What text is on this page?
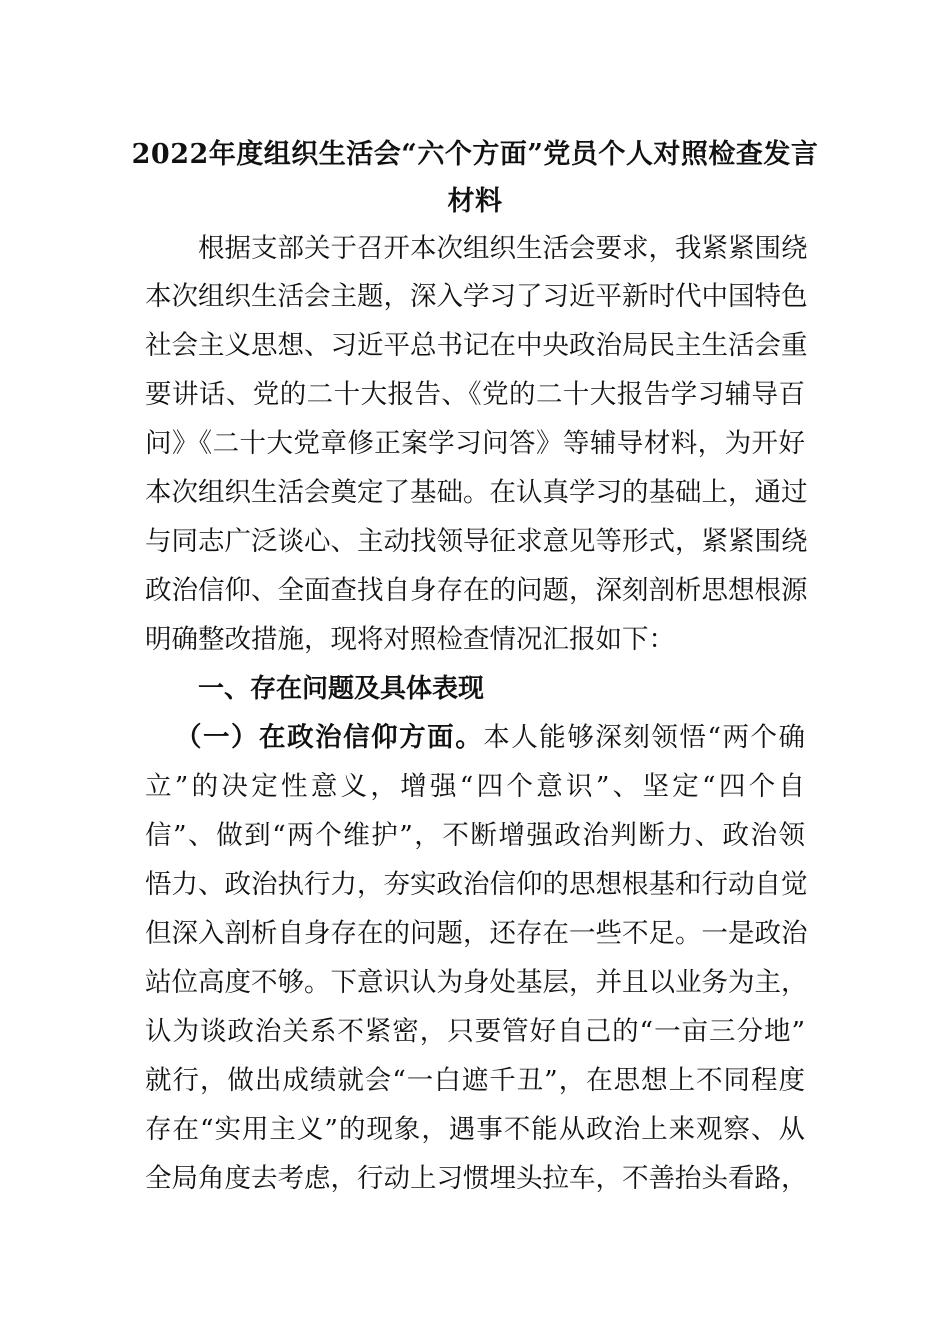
2022年度组织生活会“六个方面”党员个人对照检查发言
材料
根据支部关于召开本次组织生活会要求，我紧紧围绕
本次组织生活会主题，深入学习了习近平新时代中国特色
社会主义思想、习近平总书记在中央政治局民主生活会重
要讲话、党的二十大报告、《党的二十大报告学习辅导百
问》《二十大党章修正案学习问答》等辅导材料，为开好
本次组织生活会奠定了基础。在认真学习的基础上，通过
与同志广泛谈心、主动找领导征求意见等形式，紧紧围绕
政治信仰、全面查找自身存在的问题，深刻剖析思想根源
明确整改措施，现将对照检查情况汇报如下：
一、存在问题及具体表现
（一）在政治信仰方面。本人能够深刻领悟“两个确
立”的决定性意义，增强“四个意识”、坚定“四个自
信”、做到“两个维护”，不断增强政治判断力、政治领
悟力、政治执行力，夯实政治信仰的思想根基和行动自觉
但深入剖析自身存在的问题，还存在一些不足。一是政治
站位高度不够。下意识认为身处基层，并且以业务为主，
认为谈政治关系不紧密，只要管好自己的“一亩三分地”
就行，做出成绩就会“一白遮千丑”，在思想上不同程度
存在“实用主义”的现象，遇事不能从政治上来观察、从
全局角度去考虑，行动上习惯埋头拉车，不善抬头看路，
